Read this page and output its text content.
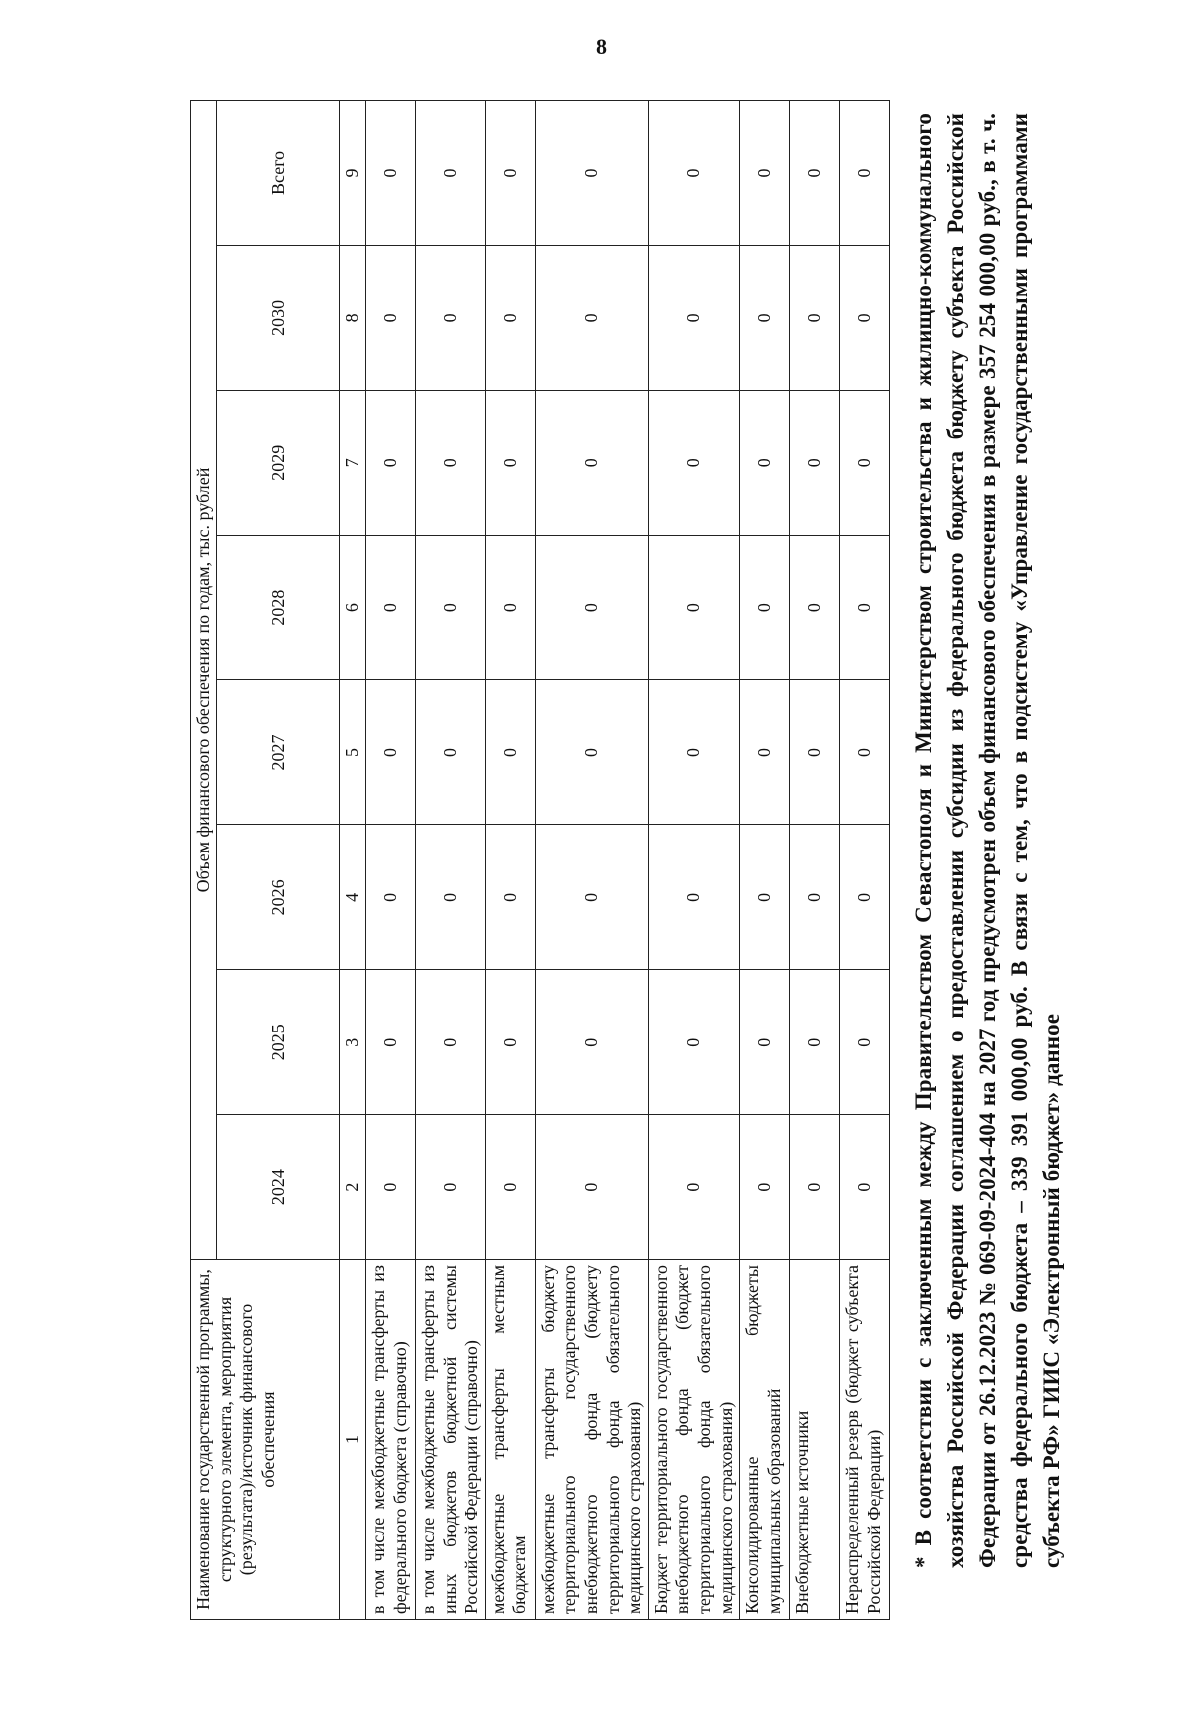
8
Наименование государственной программы, структурного элемента, мероприятия (результата)/источник финансового обеспечения	Объем финансового обеспечения по годам, тыс. рублей							
	2024	2025	2026	2027	2028	2029	2030	Всего
1	2	3	4	5	6	7	8	9
в том числе межбюджетные трансферты из федерального бюджета (справочно)	0	0	0	0	0	0	0	0
в том числе межбюджетные трансферты из иных бюджетов бюджетной системы Российской Федерации (справочно)	0	0	0	0	0	0	0	0
межбюджетные трансферты местным бюджетам	0	0	0	0	0	0	0	0
межбюджетные трансферты бюджету территориального государственного внебюджетного фонда (бюджету территориального фонда обязательного медицинского страхования)	0	0	0	0	0	0	0	0
Бюджет территориального государственного внебюджетного фонда (бюджет территориального фонда обязательного медицинского страхования)	0	0	0	0	0	0	0	0
Консолидированные бюджеты муниципальных образований	0	0	0	0	0	0	0	0
Внебюджетные источники	0	0	0	0	0	0	0	0
Нераспределенный резерв (бюджет субъекта Российской Федерации)	0	0	0	0	0	0	0	0 * В соответствии с заключенным между Правительством Севастополя и Министерством строительства и жилищно-коммунального хозяйства Российской Федерации соглашением о предоставлении субсидии из федерального бюджета бюджету субъекта Российской Федерации от 26.12.2023 № 069-09-2024-404 на 2027 год предусмотрен объем финансового обеспечения в размере 357 254 000,00 руб., в т. ч. средства федерального бюджета – 339 391 000,00 руб. В связи с тем, что в подсистему «Управление государственными программами субъекта РФ» ГИИС «Электронный бюджет» данное
